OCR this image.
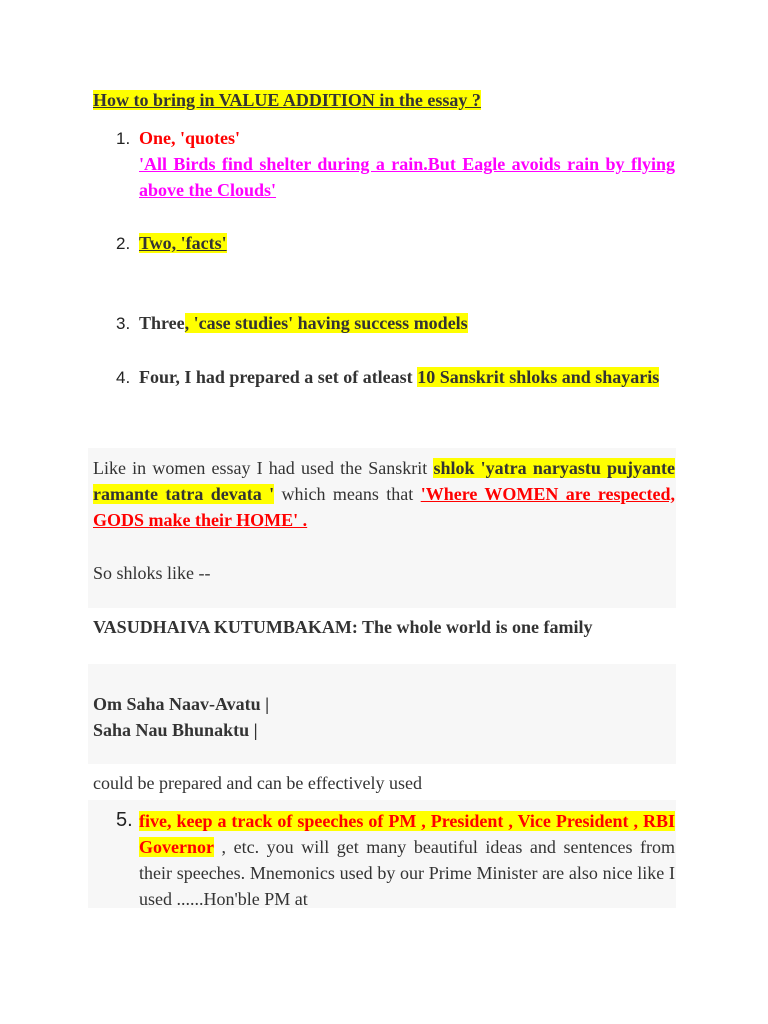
How to bring in VALUE ADDITION in the essay ?
1. One, 'quotes'
'All Birds find shelter during a rain.But Eagle avoids rain by flying above the Clouds'
2. Two, 'facts'
3. Three, 'case studies' having success models
4. Four, I had prepared a set of atleast 10 Sanskrit shloks and shayaris
Like in women essay I had used the Sanskrit shlok 'yatra naryastu pujyante ramante tatra devata ' which means that 'Where WOMEN are respected, GODS make their HOME' .
So shloks like --
VASUDHAIVA KUTUMBAKAM: The whole world is one family
Om Saha Naav-Avatu |
Saha Nau Bhunaktu |
could be prepared and can be effectively used
5. five, keep a track of speeches of PM , President , Vice President , RBI Governor , etc. you will get many beautiful ideas and sentences from their speeches. Mnemonics used by our Prime Minister are also nice like I used ......Hon'ble PM at
